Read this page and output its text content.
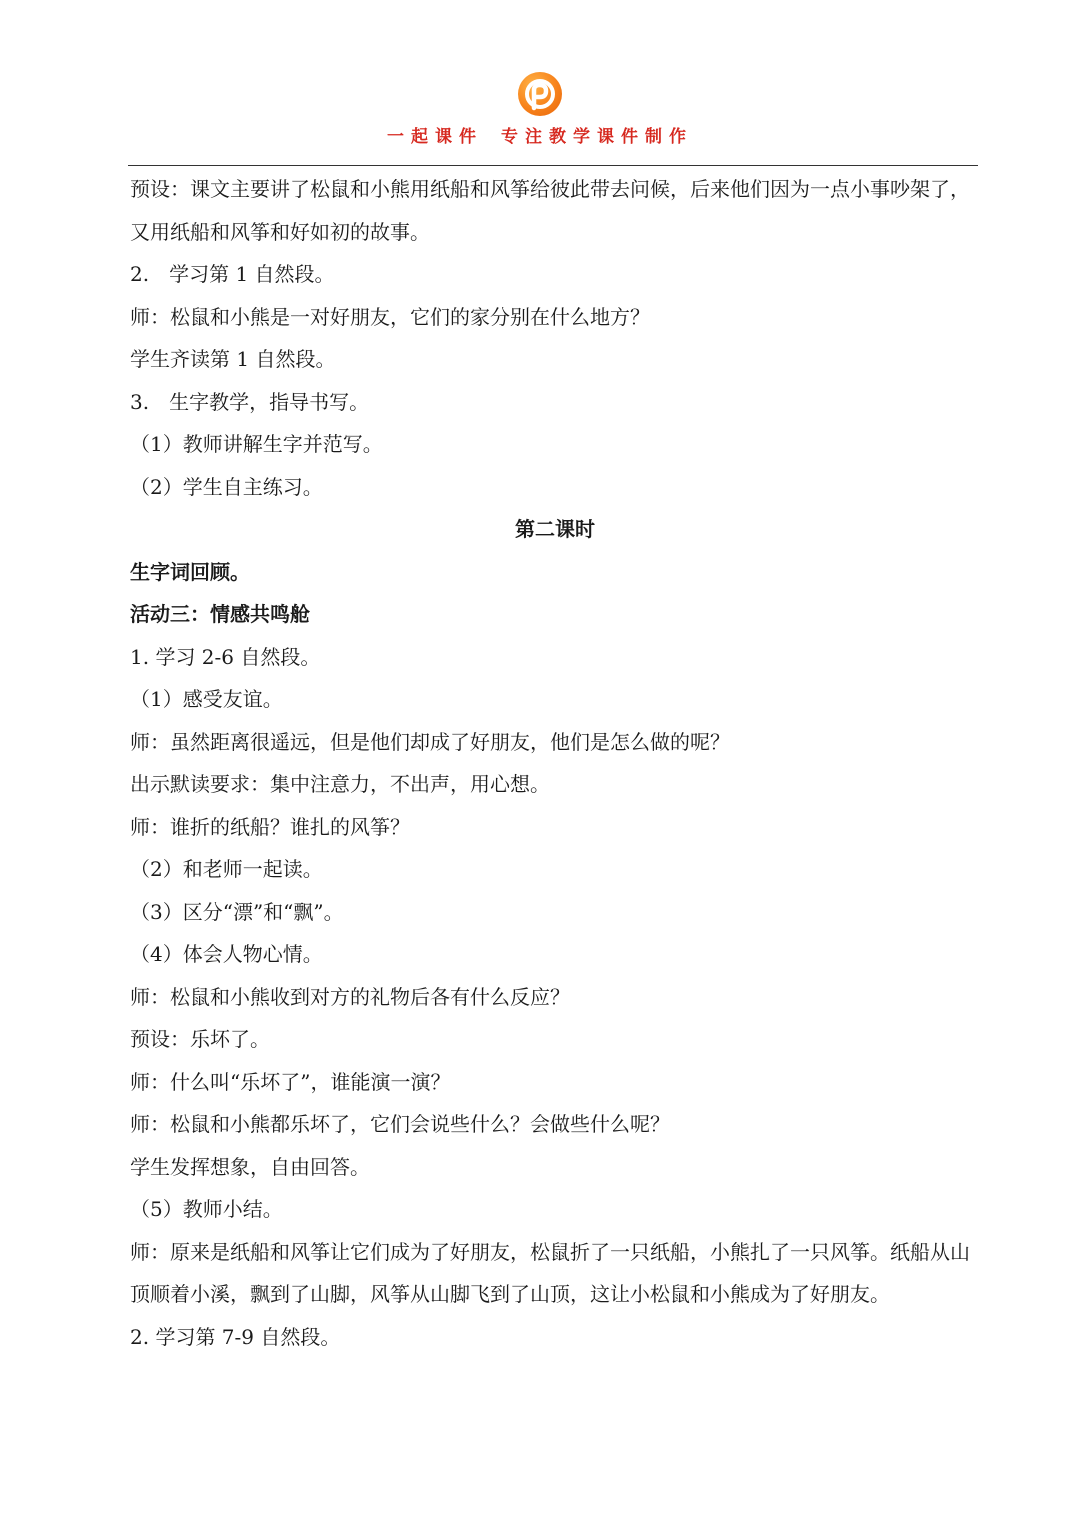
一起课件 专注教学课件制作

预设：课文主要讲了松鼠和小熊用纸船和风筝给彼此带去问候，后来他们因为一点小事吵架了，又用纸船和风筝和好如初的故事。

2.　学习第 1 自然段。

师：松鼠和小熊是一对好朋友，它们的家分别在什么地方？

学生齐读第 1 自然段。

3.　生字教学，指导书写。

（1）教师讲解生字并范写。

（2）学生自主练习。

第二课时

生字词回顾。

活动三：情感共鸣舱

1. 学习 2-6 自然段。

（1）感受友谊。

师：虽然距离很遥远，但是他们却成了好朋友，他们是怎么做的呢？

出示默读要求：集中注意力，不出声，用心想。

师：谁折的纸船？谁扎的风筝？

（2）和老师一起读。

（3）区分“漂”和“飘”。

（4）体会人物心情。

师：松鼠和小熊收到对方的礼物后各有什么反应？

预设：乐坏了。

师：什么叫“乐坏了”，谁能演一演？

师：松鼠和小熊都乐坏了，它们会说些什么？会做些什么呢？

学生发挥想象，自由回答。

（5）教师小结。

师：原来是纸船和风筝让它们成为了好朋友，松鼠折了一只纸船，小熊扎了一只风筝。纸船从山顶顺着小溪，飘到了山脚，风筝从山脚飞到了山顶，这让小松鼠和小熊成为了好朋友。

2. 学习第 7-9 自然段。
